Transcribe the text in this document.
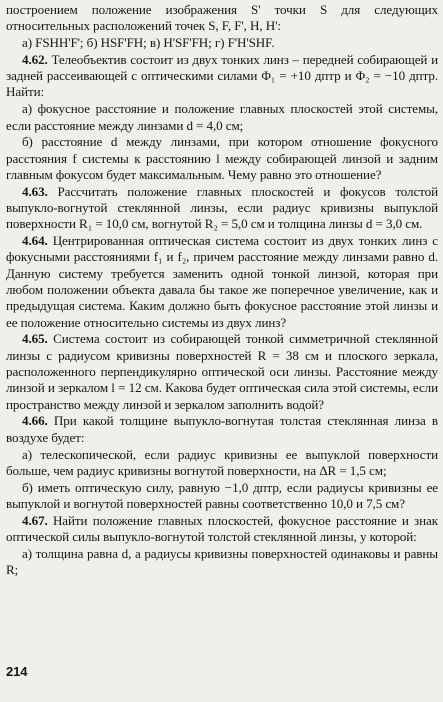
построением положение изображения S' точки S для следующих относительных расположений точек S, F, F', H, H':

а) FSHH'F'; б) HSF'FH; в) H'SF'FH; г) F'H'SHF.

4.62. Телеобъектив состоит из двух тонких линз – передней собирающей и задней рассеивающей с оптическими силами Φ₁ = +10 дптр и Φ₂ = −10 дптр. Найти:

а) фокусное расстояние и положение главных плоскостей этой системы, если расстояние между линзами d = 4,0 см;

б) расстояние d между линзами, при котором отношение фокусного расстояния f системы к расстоянию l между собирающей линзой и задним главным фокусом будет максимальным. Чему равно это отношение?

4.63. Рассчитать положение главных плоскостей и фокусов толстой выпукло-вогнутой стеклянной линзы, если радиус кривизны выпуклой поверхности R₁ = 10,0 см, вогнутой R₂ = 5,0 см и толщина линзы d = 3,0 см.

4.64. Центрированная оптическая система состоит из двух тонких линз с фокусными расстояниями f₁ и f₂, причем расстояние между линзами равно d. Данную систему требуется заменить одной тонкой линзой, которая при любом положении объекта давала бы такое же поперечное увеличение, как и предыдущая система. Каким должно быть фокусное расстояние этой линзы и ее положение относительно системы из двух линз?

4.65. Система состоит из собирающей тонкой симметричной стеклянной линзы с радиусом кривизны поверхностей R = 38 см и плоского зеркала, расположенного перпендикулярно оптической оси линзы. Расстояние между линзой и зеркалом l = 12 см. Какова будет оптическая сила этой системы, если пространство между линзой и зеркалом заполнить водой?

4.66. При какой толщине выпукло-вогнутая толстая стеклянная линза в воздухе будет:

а) телескопической, если радиус кривизны ее выпуклой поверхности больше, чем радиус кривизны вогнутой поверхности, на ΔR = 1,5 см;

б) иметь оптическую силу, равную −1,0 дптр, если радиусы кривизны ее выпуклой и вогнутой поверхностей равны соответственно 10,0 и 7,5 см?

4.67. Найти положение главных плоскостей, фокусное расстояние и знак оптической силы выпукло-вогнутой толстой стеклянной линзы, у которой:

а) толщина равна d, а радиусы кривизны поверхностей одинаковы и равны R;

214
